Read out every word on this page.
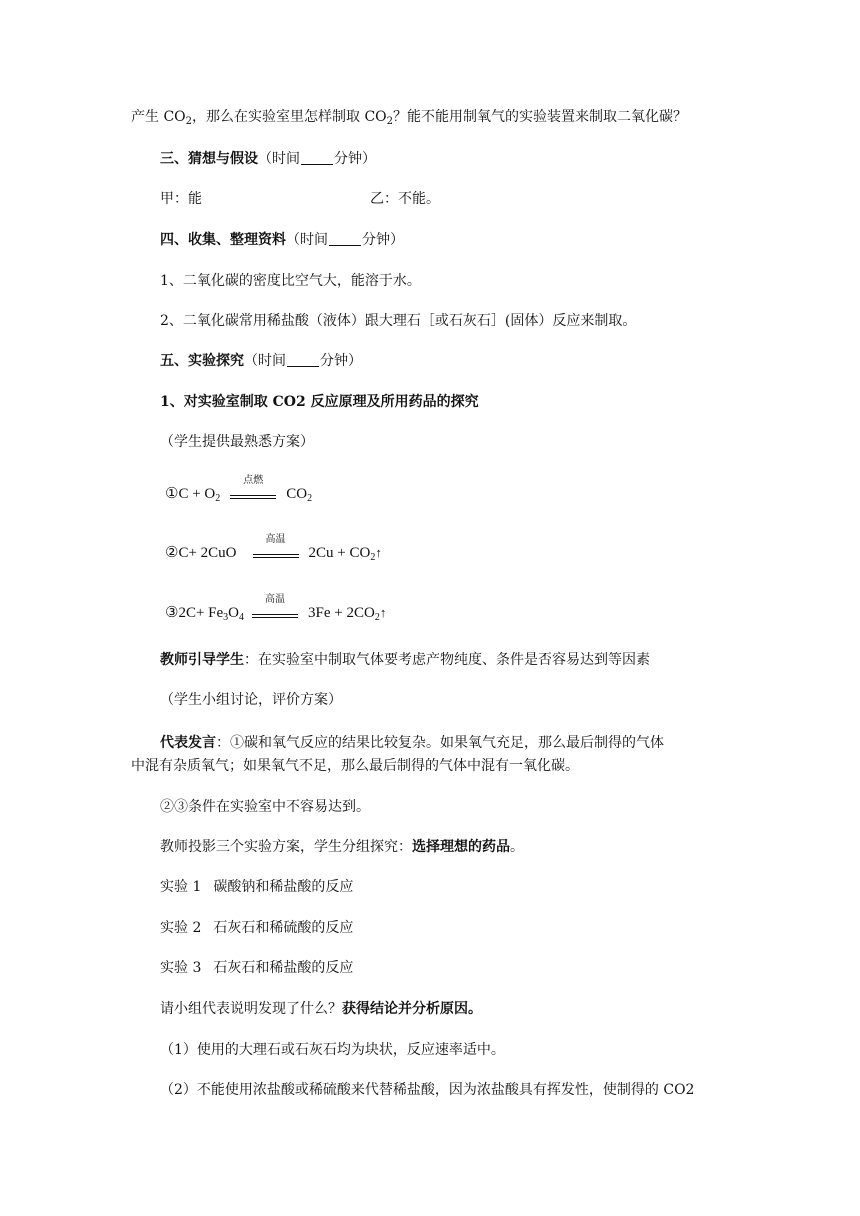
产生 $CO_2$，那么在实验室里怎样制取 $CO_2$？能不能用制氧气的实验装置来制取二氧化碳？
三、猜想与假设（时间 分钟）
甲：能	乙：不能。
四、收集、整理资料（时间 分钟）
1、二氧化碳的密度比空气大，能溶于水。
2、二氧化碳常用稀盐酸（液体）跟大理石［或石灰石］(固体）反应来制取。
五、实验探究（时间 分钟）
1、对实验室制取 CO2 反应原理及所用药品的探究
（学生提供最熟悉方案）
①C + $O_2$
点燃
$CO_2$
②C+ 2CuO
高温
$2Cu + CO_2↑$
③2C+ $Fe_3O_4$
高温
$3Fe + 2CO_2↑$
教师引导学生：在实验室中制取气体要考虑产物纯度、条件是否容易达到等因素
（学生小组讨论，评价方案）
代表发言：①碳和氧气反应的结果比较复杂。如果氧气充足，那么最后制得的气体
中混有杂质氧气；如果氧气不足，那么最后制得的气体中混有一氧化碳。
②③条件在实验室中不容易达到。
教师投影三个实验方案，学生分组探究：选择理想的药品。
实验 1 碳酸钠和稀盐酸的反应
实验 2 石灰石和稀硫酸的反应
实验 3 石灰石和稀盐酸的反应
请小组代表说明发现了什么？获得结论并分析原因。
（1）使用的大理石或石灰石均为块状，反应速率适中。
（2）不能使用浓盐酸或稀硫酸来代替稀盐酸，因为浓盐酸具有挥发性，使制得的 CO2
